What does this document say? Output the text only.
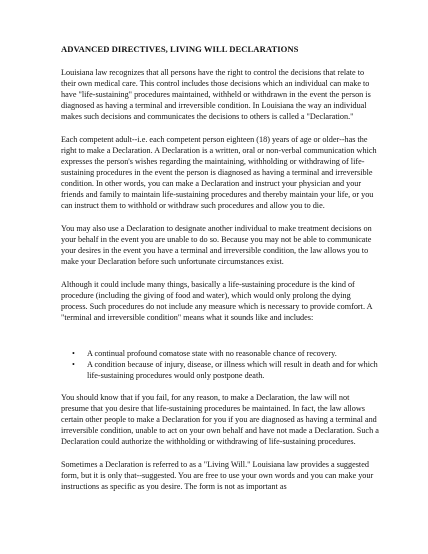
ADVANCED DIRECTIVES, LIVING WILL DECLARATIONS

Louisiana law recognizes that all persons have the right to control the decisions that relate to their own medical care. This control includes those decisions which an individual can make to have "life-sustaining" procedures maintained, withheld or withdrawn in the event the person is diagnosed as having a terminal and irreversible condition. In Louisiana the way an individual makes such decisions and communicates the decisions to others is called a "Declaration."

Each competent adult--i.e. each competent person eighteen (18) years of age or older--has the right to make a Declaration. A Declaration is a written, oral or non-verbal communication which expresses the person's wishes regarding the maintaining, withholding or withdrawing of life-sustaining procedures in the event the person is diagnosed as having a terminal and irreversible condition. In other words, you can make a Declaration and instruct your physician and your friends and family to maintain life-sustaining procedures and thereby maintain your life, or you can instruct them to withhold or withdraw such procedures and allow you to die.

You may also use a Declaration to designate another individual to make treatment decisions on your behalf in the event you are unable to do so. Because you may not be able to communicate your desires in the event you have a terminal and irreversible condition, the law allows you to make your Declaration before such unfortunate circumstances exist.

Although it could include many things, basically a life-sustaining procedure is the kind of procedure (including the giving of food and water), which would only prolong the dying process. Such procedures do not include any measure which is necessary to provide comfort. A "terminal and irreversible condition" means what it sounds like and includes:

• A continual profound comatose state with no reasonable chance of recovery.
• A condition because of injury, disease, or illness which will result in death and for which life-sustaining procedures would only postpone death.

You should know that if you fail, for any reason, to make a Declaration, the law will not presume that you desire that life-sustaining procedures be maintained. In fact, the law allows certain other people to make a Declaration for you if you are diagnosed as having a terminal and irreversible condition, unable to act on your own behalf and have not made a Declaration. Such a Declaration could authorize the withholding or withdrawing of life-sustaining procedures.

Sometimes a Declaration is referred to as a "Living Will." Louisiana law provides a suggested form, but it is only that--suggested. You are free to use your own words and you can make your instructions as specific as you desire. The form is not as important as
